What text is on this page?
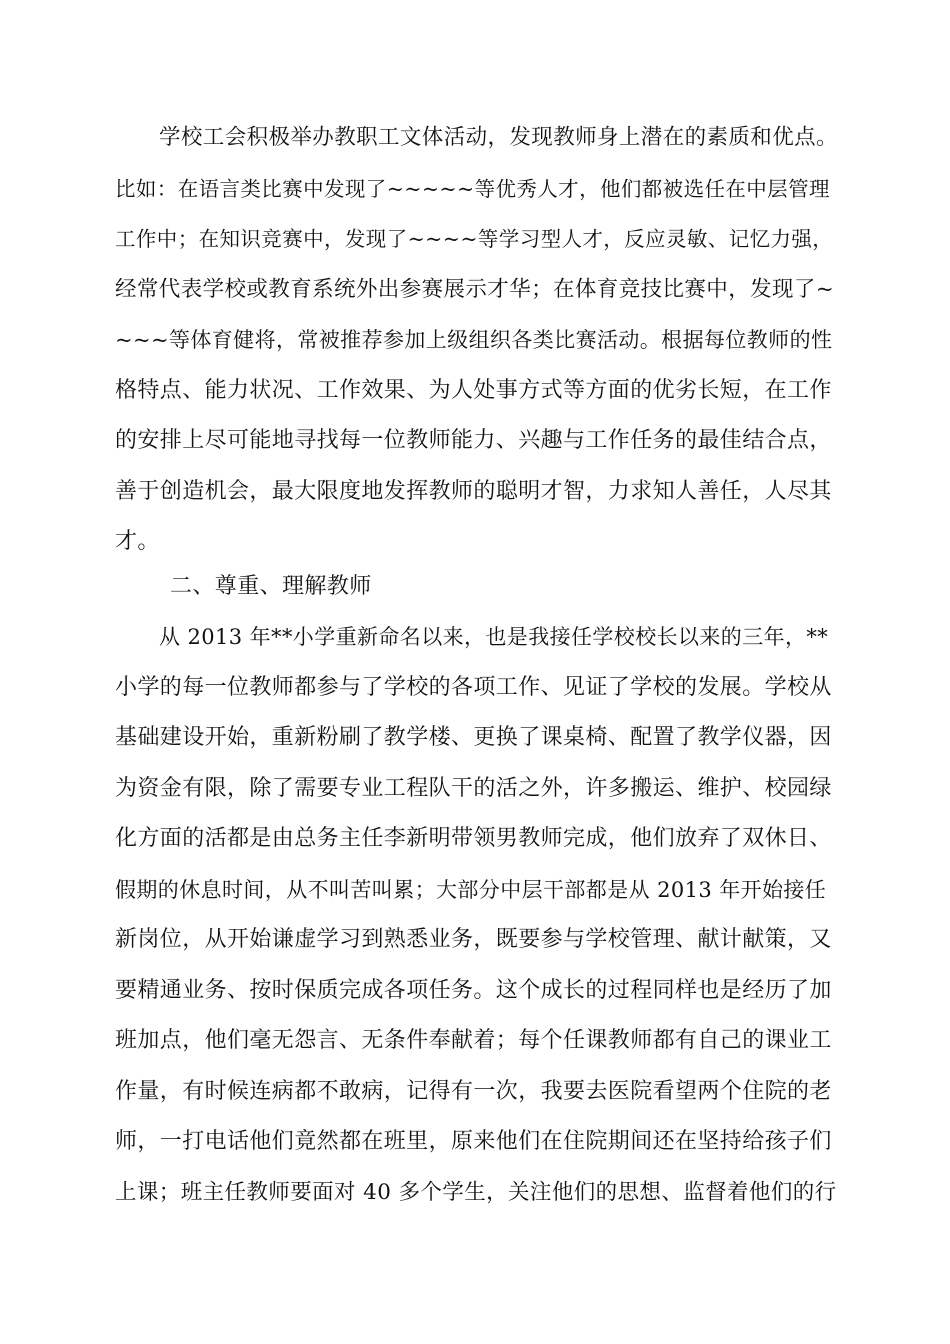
学校工会积极举办教职工文体活动，发现教师身上潜在的素质和优点。
比如：在语言类比赛中发现了~~~~~等优秀人才，他们都被选任在中层管理
工作中；在知识竞赛中，发现了~~~~等学习型人才，反应灵敏、记忆力强，
经常代表学校或教育系统外出参赛展示才华；在体育竞技比赛中，发现了~
~~~等体育健将，常被推荐参加上级组织各类比赛活动。根据每位教师的性
格特点、能力状况、工作效果、为人处事方式等方面的优劣长短，在工作
的安排上尽可能地寻找每一位教师能力、兴趣与工作任务的最佳结合点，
善于创造机会，最大限度地发挥教师的聪明才智，力求知人善任，人尽其
才。

二、尊重、理解教师

从 2013 年**小学重新命名以来，也是我接任学校校长以来的三年，**
小学的每一位教师都参与了学校的各项工作、见证了学校的发展。学校从
基础建设开始，重新粉刷了教学楼、更换了课桌椅、配置了教学仪器，因
为资金有限，除了需要专业工程队干的活之外，许多搬运、维护、校园绿
化方面的活都是由总务主任李新明带领男教师完成，他们放弃了双休日、
假期的休息时间，从不叫苦叫累；大部分中层干部都是从 2013 年开始接任
新岗位，从开始谦虚学习到熟悉业务，既要参与学校管理、献计献策，又
要精通业务、按时保质完成各项任务。这个成长的过程同样也是经历了加
班加点，他们毫无怨言、无条件奉献着；每个任课教师都有自己的课业工
作量，有时候连病都不敢病，记得有一次，我要去医院看望两个住院的老
师，一打电话他们竟然都在班里，原来他们在住院期间还在坚持给孩子们
上课；班主任教师要面对 40 多个学生，关注他们的思想、监督着他们的行
